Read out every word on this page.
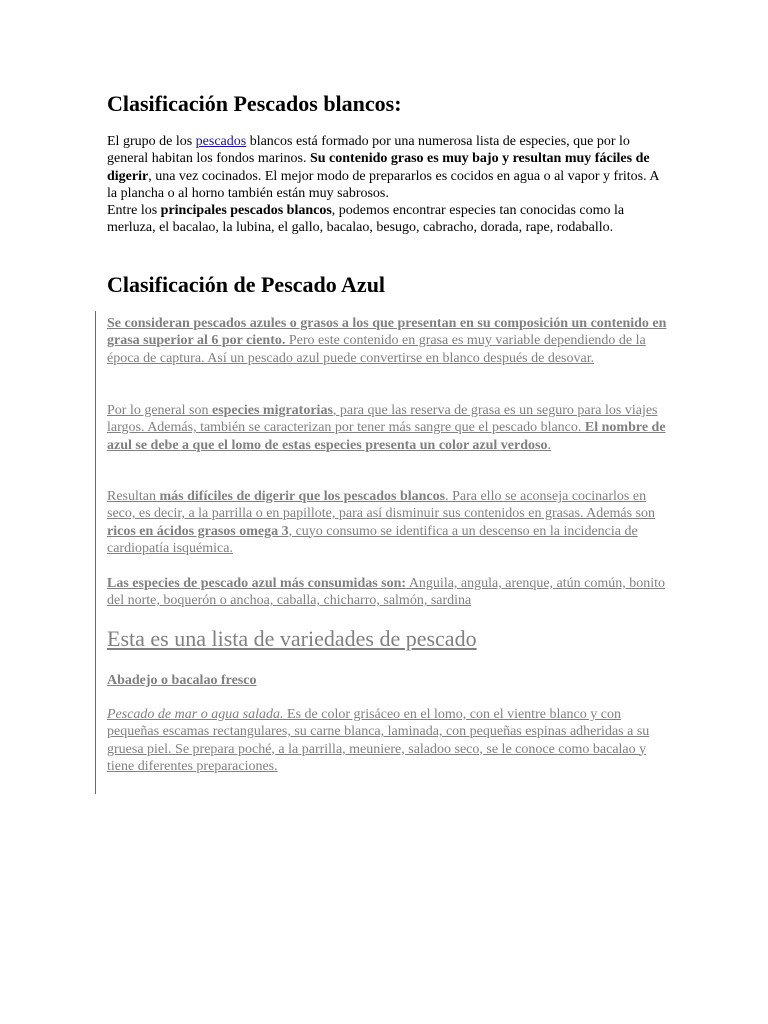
Clasificación Pescados blancos:

El grupo de los pescados blancos está formado por una numerosa lista de especies, que por lo general habitan los fondos marinos. Su contenido graso es muy bajo y resultan muy fáciles de digerir, una vez cocinados. El mejor modo de prepararlos es cocidos en agua o al vapor y fritos. A la plancha o al horno también están muy sabrosos.
Entre los principales pescados blancos, podemos encontrar especies tan conocidas como la merluza, el bacalao, la lubina, el gallo, bacalao, besugo, cabracho, dorada, rape, rodaballo.

Clasificación de Pescado Azul

Se consideran pescados azules o grasos a los que presentan en su composición un contenido en grasa superior al 6 por ciento. Pero este contenido en grasa es muy variable dependiendo de la época de captura. Así un pescado azul puede convertirse en blanco después de desovar.

Por lo general son especies migratorias, para que las reserva de grasa es un seguro para los viajes largos. Además, también se caracterizan por tener más sangre que el pescado blanco. El nombre de azul se debe a que el lomo de estas especies presenta un color azul verdoso.

Resultan más difíciles de digerir que los pescados blancos. Para ello se aconseja cocinarlos en seco, es decir, a la parrilla o en papillote, para así disminuir sus contenidos en grasas. Además son ricos en ácidos grasos omega 3, cuyo consumo se identifica a un descenso en la incidencia de cardiopatía isquémica.

Las especies de pescado azul más consumidas son: Anguila, angula, arenque, atún común, bonito del norte, boquerón o anchoa, caballa, chicharro, salmón, sardina

Esta es una lista de variedades de pescado
Abadejo o bacalao fresco

Pescado de mar o agua salada. Es de color grisáceo en el lomo, con el vientre blanco y con pequeñas escamas rectangulares, su carne blanca, laminada, con pequeñas espinas adheridas a su gruesa piel. Se prepara poché, a la parrilla, meuniere, saladoo seco, se le conoce como bacalao y tiene diferentes preparaciones.
